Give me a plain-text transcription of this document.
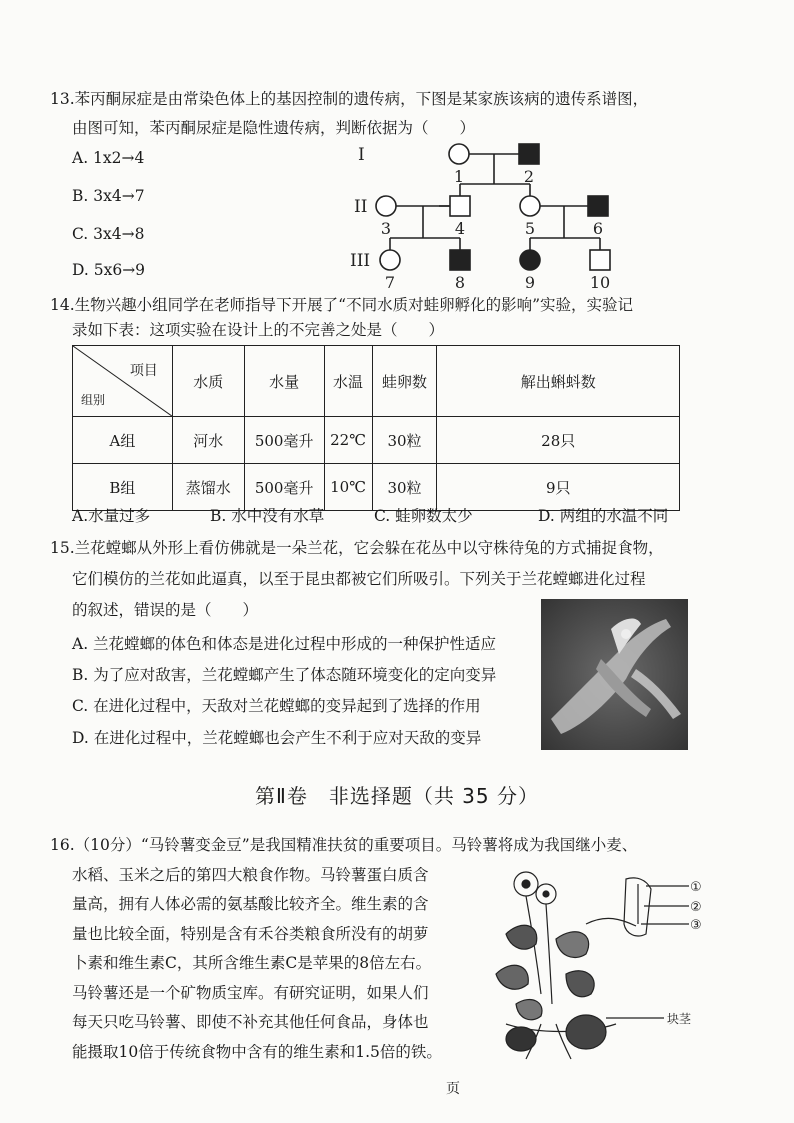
13.苯丙酮尿症是由常染色体上的基因控制的遗传病，下图是某家族该病的遗传系谱图，
由图可知，苯丙酮尿症是隐性遗传病，判断依据为（　　）
A. 1x2→4
B. 3x4→7
C. 3x4→8
D. 5x6→9
I
II
III
1	2
3	4	5	6
7	8	9	10
14.生物兴趣小组同学在老师指导下开展了“不同水质对蛙卵孵化的影响”实验，实验记
录如下表：这项实验在设计上的不完善之处是（　　）
项目
组别	水质	水量	水温	蛙卵数	解出蝌蚪数
A组	河水	500毫升	22℃	30粒	28只
B组	蒸馏水	500毫升	10℃	30粒	9只
A.水量过多	B. 水中没有水草	C. 蛙卵数太少	D. 两组的水温不同
15.兰花螳螂从外形上看仿佛就是一朵兰花，它会躲在花丛中以守株待兔的方式捕捉食物，
它们模仿的兰花如此逼真，以至于昆虫都被它们所吸引。下列关于兰花螳螂进化过程
的叙述，错误的是（　　）
A. 兰花螳螂的体色和体态是进化过程中形成的一种保护性适应
B. 为了应对敌害，兰花螳螂产生了体态随环境变化的定向变异
C. 在进化过程中，天敌对兰花螳螂的变异起到了选择的作用
D. 在进化过程中，兰花螳螂也会产生不利于应对天敌的变异
第Ⅱ卷　非选择题（共 35 分）
16.（10分）“马铃薯变金豆”是我国精准扶贫的重要项目。马铃薯将成为我国继小麦、
水稻、玉米之后的第四大粮食作物。马铃薯蛋白质含
量高，拥有人体必需的氨基酸比较齐全。维生素的含
量也比较全面，特别是含有禾谷类粮食所没有的胡萝
卜素和维生素C，其所含维生素C是苹果的8倍左右。
马铃薯还是一个矿物质宝库。有研究证明，如果人们
每天只吃马铃薯、即使不补充其他任何食品，身体也
能摄取10倍于传统食物中含有的维生素和1.5倍的铁。
①
②
③
块茎
页
